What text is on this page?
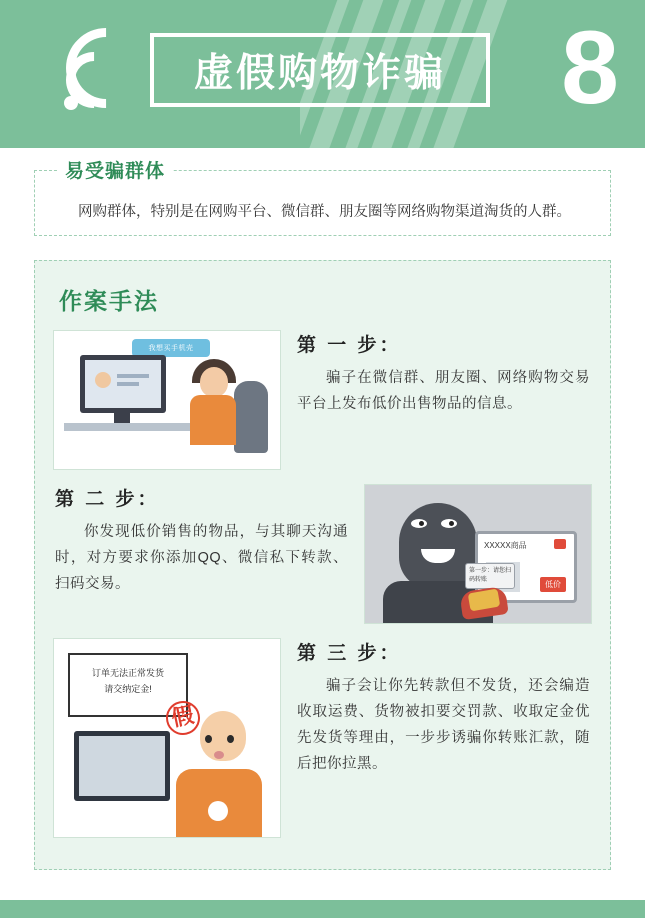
虚假购物诈骗 8
易受骗群体
网购群体，特别是在网购平台、微信群、朋友圈等网络购物渠道淘货的人群。
作案手法
我想买手机壳	第 一 步：
骗子在微信群、朋友圈、网络购物交易平台上发布低价出售物品的信息。
第 二 步：
你发现低价销售的物品，与其聊天沟通时，对方要求你添加QQ、微信私下转款、扫码交易。
XXXXX商品
低价
第一步：请您扫码转账
订单无法正常发货
请交纳定金!
假
第 三 步：
骗子会让你先转款但不发货，还会编造收取运费、货物被扣要交罚款、收取定金优先发货等理由，一步步诱骗你转账汇款，随后把你拉黑。
